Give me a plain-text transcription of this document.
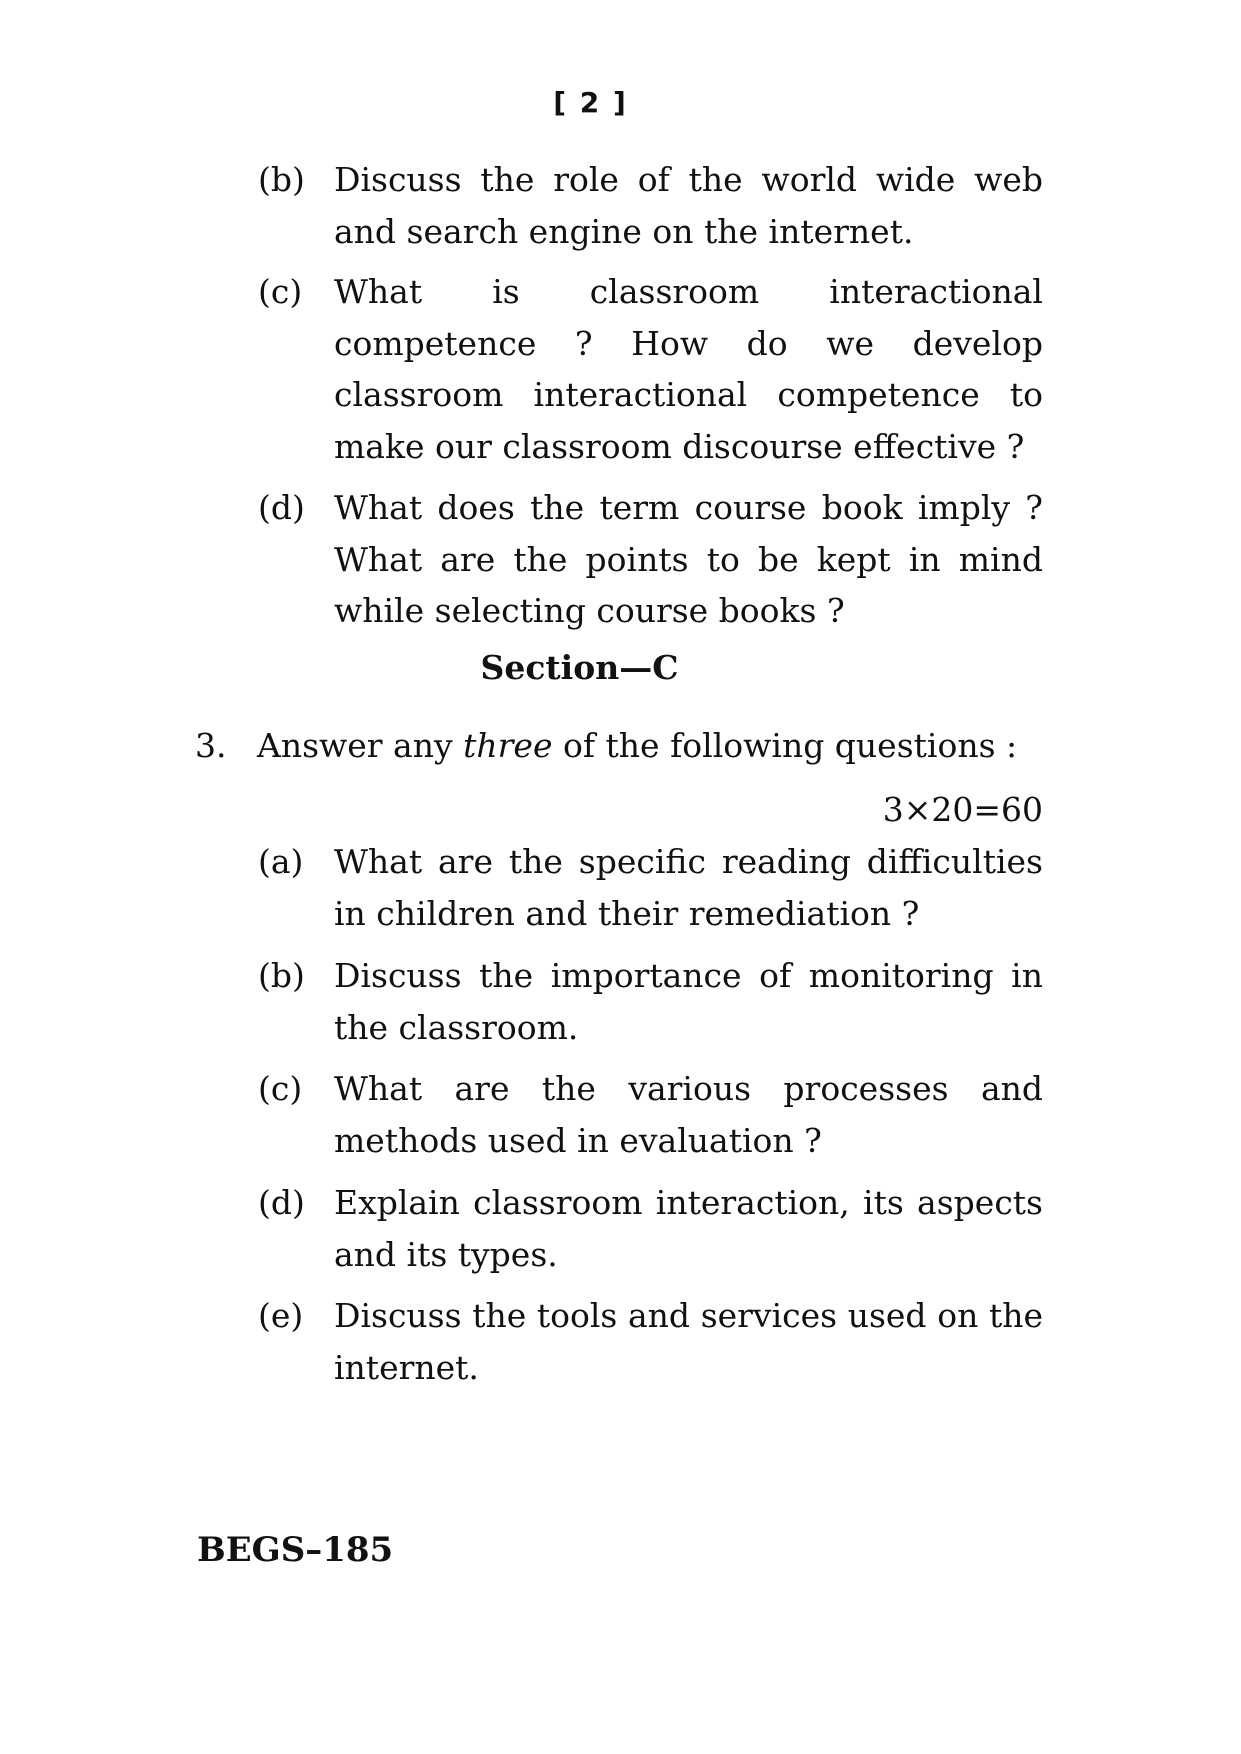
[ 2 ]
(b) Discuss the role of the world wide web and search engine on the internet.
(c) What is classroom interactional competence ? How do we develop classroom interactional competence to make our classroom discourse effective ?
(d) What does the term course book imply ? What are the points to be kept in mind while selecting course books ?
Section—C
3. Answer any three of the following questions :
3×20=60
(a) What are the specific reading difficulties in children and their remediation ?
(b) Discuss the importance of monitoring in the classroom.
(c) What are the various processes and methods used in evaluation ?
(d) Explain classroom interaction, its aspects and its types.
(e) Discuss the tools and services used on the internet.
BEGS–185
